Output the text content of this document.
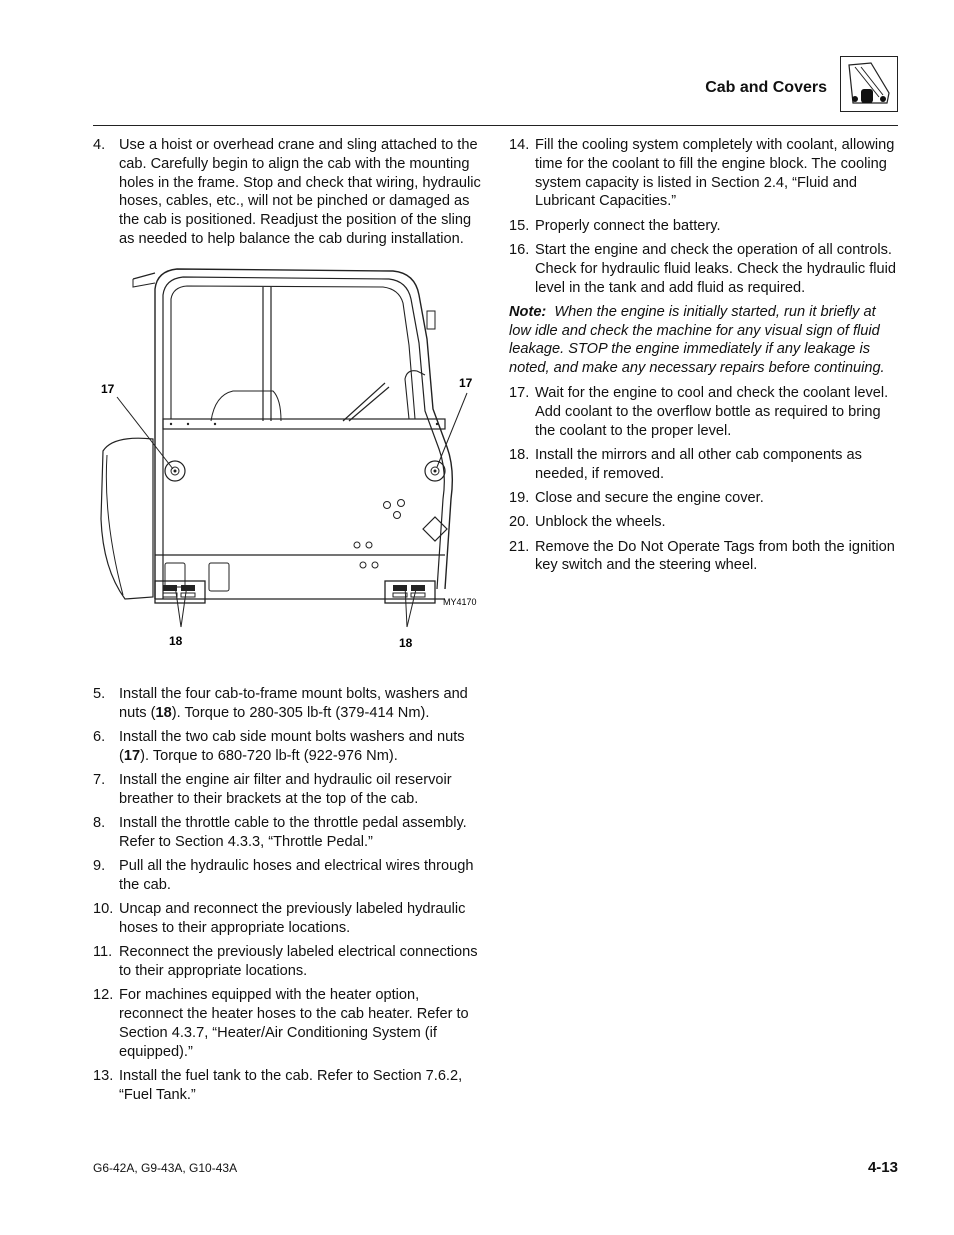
Cab and Covers
4. Use a hoist or overhead crane and sling attached to the cab. Carefully begin to align the cab with the mounting holes in the frame. Stop and check that wiring, hydraulic hoses, cables, etc., will not be pinched or damaged as the cab is positioned. Readjust the position of the sling as needed to help balance the cab during installation.
17	17
18	18
MY4170
5. Install the four cab-to-frame mount bolts, washers and nuts (18). Torque to 280-305 lb-ft (379-414 Nm).
6. Install the two cab side mount bolts washers and nuts (17). Torque to 680-720 lb-ft (922-976 Nm).
7. Install the engine air filter and hydraulic oil reservoir breather to their brackets at the top of the cab.
8. Install the throttle cable to the throttle pedal assembly. Refer to Section 4.3.3, “Throttle Pedal.”
9. Pull all the hydraulic hoses and electrical wires through the cab.
10. Uncap and reconnect the previously labeled hydraulic hoses to their appropriate locations.
11. Reconnect the previously labeled electrical connections to their appropriate locations.
12. For machines equipped with the heater option, reconnect the heater hoses to the cab heater. Refer to Section 4.3.7, “Heater/Air Conditioning System (if equipped).”
13. Install the fuel tank to the cab. Refer to Section 7.6.2, “Fuel Tank.”
14. Fill the cooling system completely with coolant, allowing time for the coolant to fill the engine block. The cooling system capacity is listed in Section 2.4, “Fluid and Lubricant Capacities.”
15. Properly connect the battery.
16. Start the engine and check the operation of all controls. Check for hydraulic fluid leaks. Check the hydraulic fluid level in the tank and add fluid as required.
Note: When the engine is initially started, run it briefly at low idle and check the machine for any visual sign of fluid leakage. STOP the engine immediately if any leakage is noted, and make any necessary repairs before continuing.
17. Wait for the engine to cool and check the coolant level. Add coolant to the overflow bottle as required to bring the coolant to the proper level.
18. Install the mirrors and all other cab components as needed, if removed.
19. Close and secure the engine cover.
20. Unblock the wheels.
21. Remove the Do Not Operate Tags from both the ignition key switch and the steering wheel.
G6-42A, G9-43A, G10-43A	4-13
